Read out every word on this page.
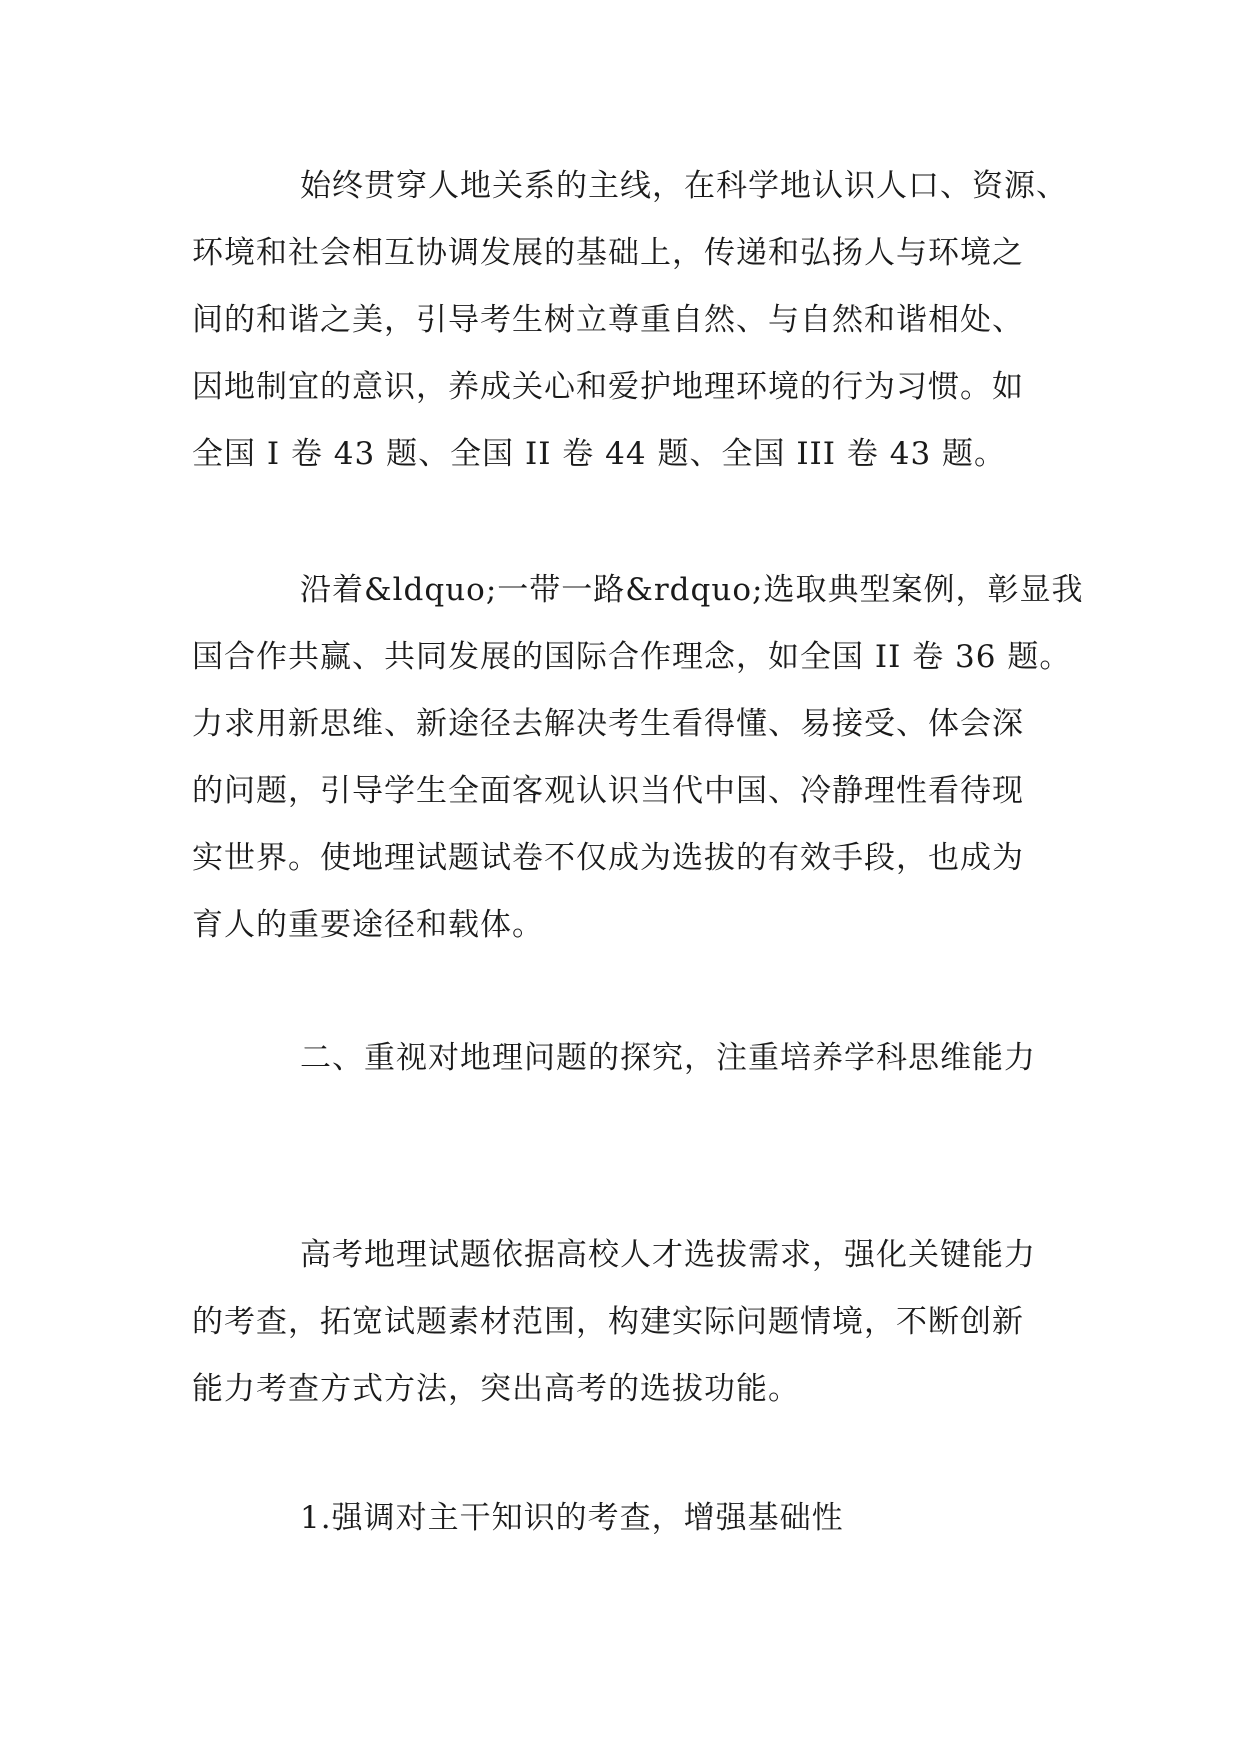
始终贯穿人地关系的主线，在科学地认识人口、资源、
环境和社会相互协调发展的基础上，传递和弘扬人与环境之
间的和谐之美，引导考生树立尊重自然、与自然和谐相处、
因地制宜的意识，养成关心和爱护地理环境的行为习惯。如
全国 I 卷 43 题、全国 II 卷 44 题、全国 III 卷 43 题。
沿着&ldquo;一带一路&rdquo;选取典型案例，彰显我
国合作共赢、共同发展的国际合作理念，如全国 II 卷 36 题。
力求用新思维、新途径去解决考生看得懂、易接受、体会深
的问题，引导学生全面客观认识当代中国、冷静理性看待现
实世界。使地理试题试卷不仅成为选拔的有效手段，也成为
育人的重要途径和载体。
二、重视对地理问题的探究，注重培养学科思维能力
高考地理试题依据高校人才选拔需求，强化关键能力
的考查，拓宽试题素材范围，构建实际问题情境，不断创新
能力考查方式方法，突出高考的选拔功能。
1.强调对主干知识的考查，增强基础性
